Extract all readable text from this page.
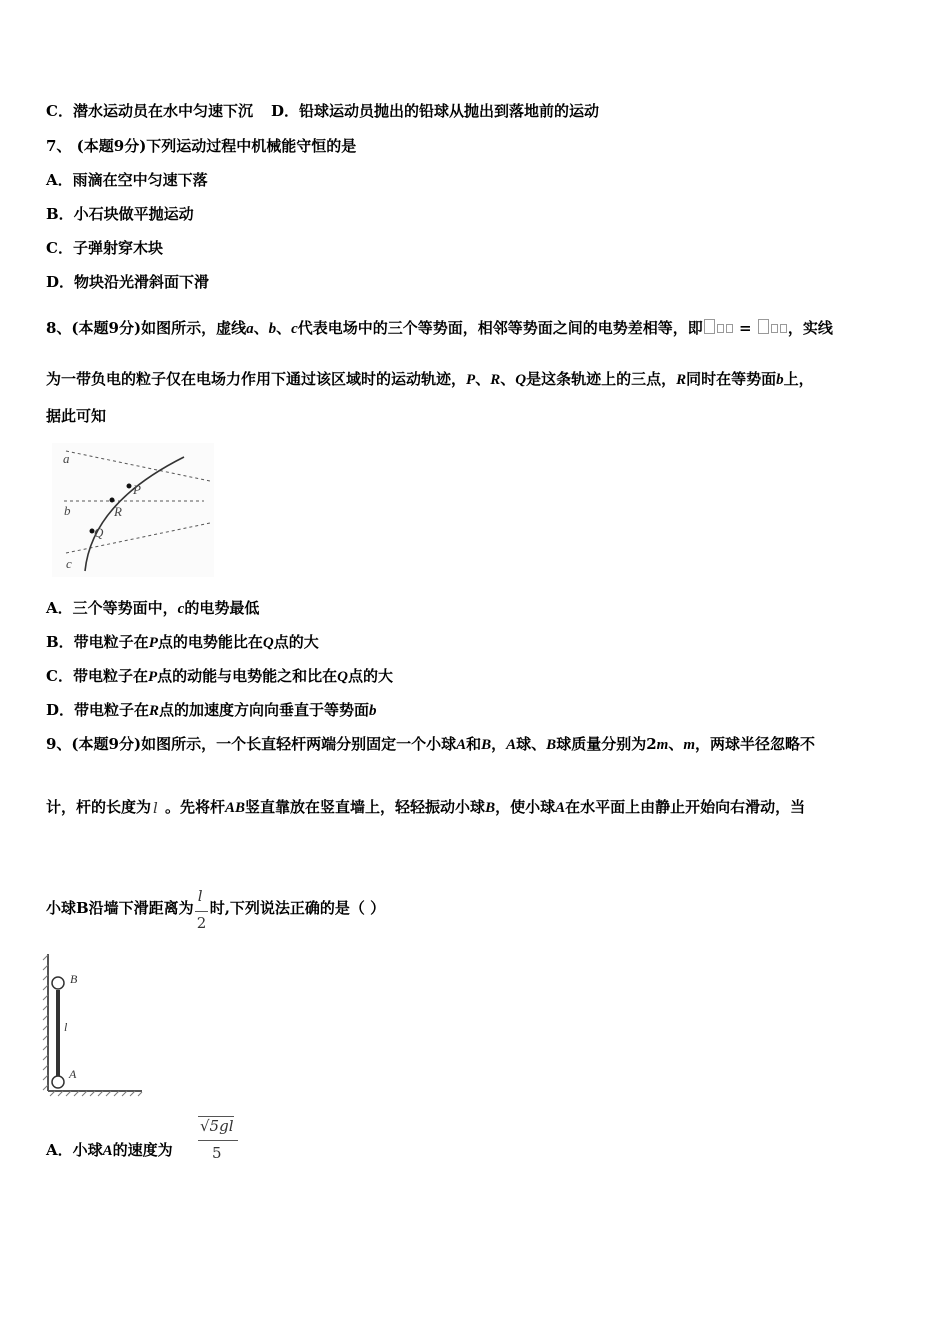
C．潜水运动员在水中匀速下沉 D．铅球运动员抛出的铅球从抛出到落地前的运动
7、 (本题9分)下列运动过程中机械能守恒的是
A．雨滴在空中匀速下落
B．小石块做平抛运动
C．子弹射穿木块
D．物块沿光滑斜面下滑
8、(本题9分)如图所示，虚线a、b、c代表电场中的三个等势面，相邻等势面之间的电势差相等，即 = ，实线
为一带负电的粒子仅在电场力作用下通过该区域时的运动轨迹，P、R、Q是这条轨迹上的三点，R同时在等势面b上，
据此可知
a
b
c
P
R
Q
A．三个等势面中，c的电势最低
B．带电粒子在P点的电势能比在Q点的大
C．带电粒子在P点的动能与电势能之和比在Q点的大
D．带电粒子在R点的加速度方向向垂直于等势面b
9、(本题9分)如图所示，一个长直轻杆两端分别固定一个小球A和B，A球、B球质量分别为2m、m，两球半径忽略不
计，杆的长度为 l 。先将杆AB竖直靠放在竖直墙上，轻轻振动小球B，使小球A在水平面上由静止开始向右滑动，当
小球B沿墙下滑距离为
$\frac{l}{2}$
时,下列说法正确的是（ ）
B
l
A
A．小球A的速度为
√5gl
5
